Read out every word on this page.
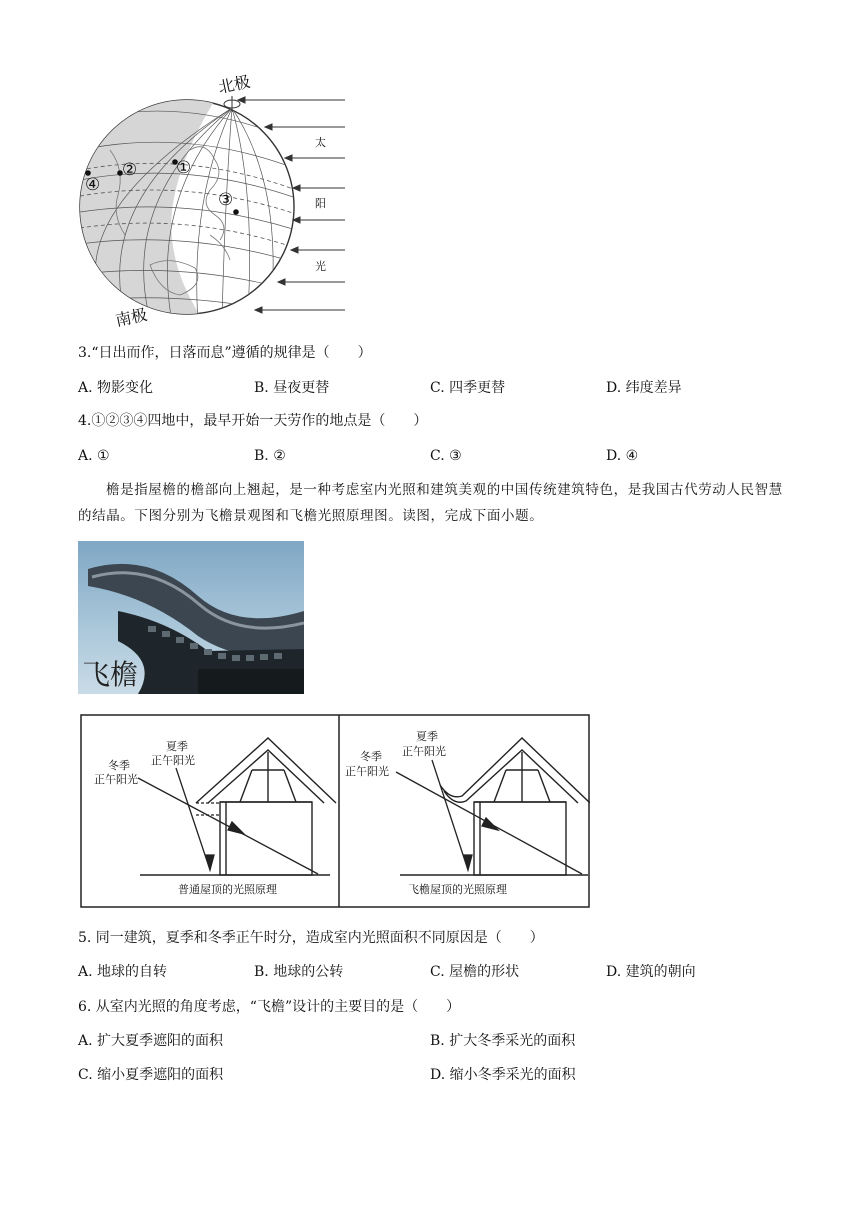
北极
南极
太
阳
光
①
②
③
④
3.“日出而作，日落而息”遵循的规律是（　　）
A. 物影变化	B. 昼夜更替	C. 四季更替	D. 纬度差异
4.①②③④四地中，最早开始一天劳作的地点是（　　）
A. ①	B. ②	C. ③	D. ④
檐是指屋檐的檐部向上翘起，是一种考虑室内光照和建筑美观的中国传统建筑特色，是我国古代劳动人民智慧的结晶。下图分别为飞檐景观图和飞檐光照原理图。读图，完成下面小题。
飞檐
夏季
正午阳光
冬季
正午阳光
普通屋顶的光照原理
夏季
正午阳光
冬季
正午阳光
飞檐屋顶的光照原理
5. 同一建筑，夏季和冬季正午时分，造成室内光照面积不同原因是（　　）
A. 地球的自转	B. 地球的公转	C. 屋檐的形状	D. 建筑的朝向
6. 从室内光照的角度考虑，“飞檐”设计的主要目的是（　　）
A. 扩大夏季遮阳的面积	B. 扩大冬季采光的面积
C. 缩小夏季遮阳的面积	D. 缩小冬季采光的面积
